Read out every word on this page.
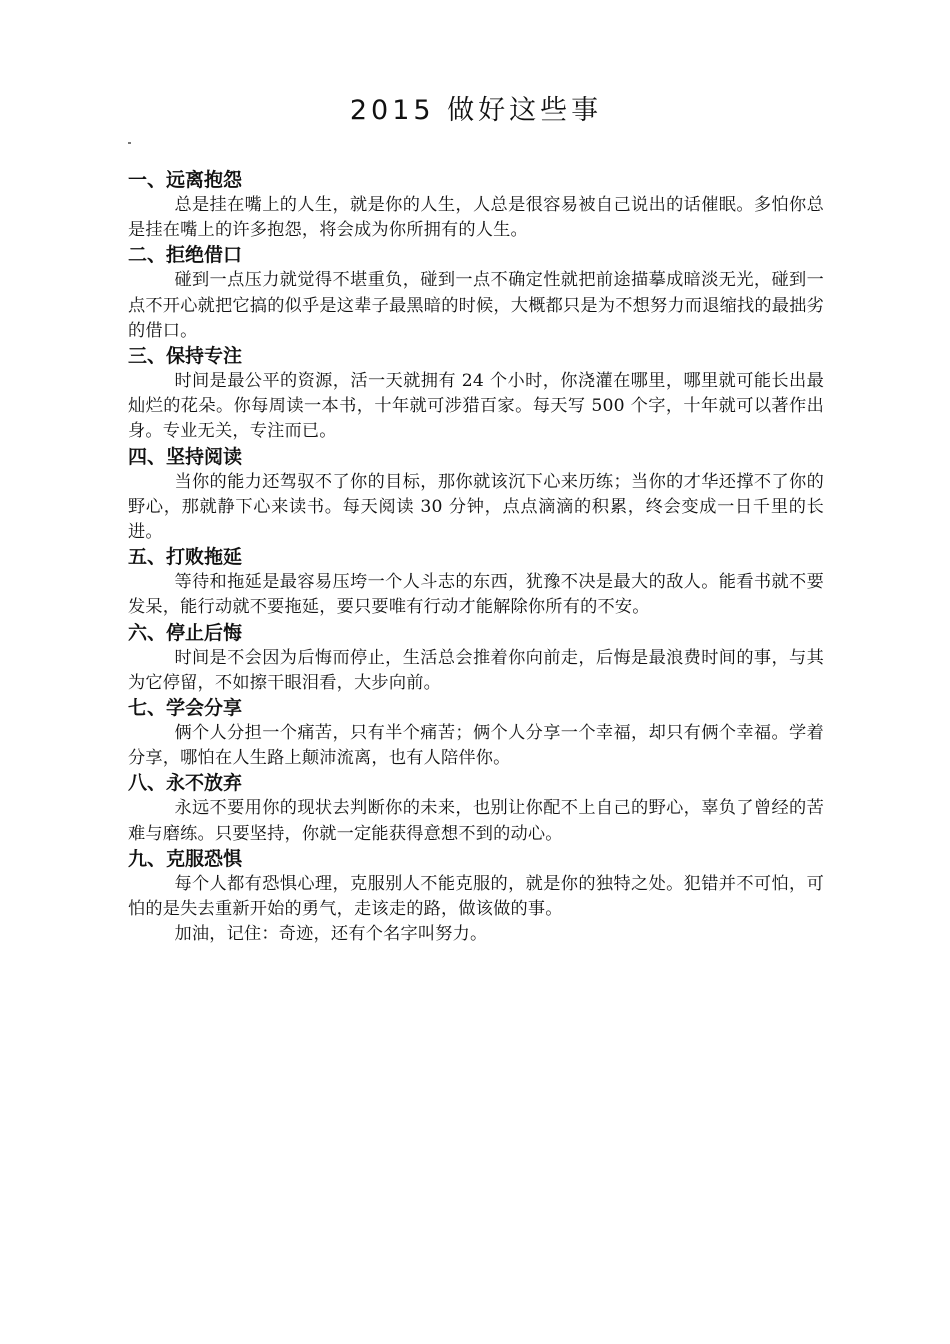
2015 做好这些事
一、远离抱怨

总是挂在嘴上的人生，就是你的人生，人总是很容易被自己说出的话催眠。多怕你总是挂在嘴上的许多抱怨，将会成为你所拥有的人生。

二、拒绝借口

碰到一点压力就觉得不堪重负，碰到一点不确定性就把前途描摹成暗淡无光，碰到一点不开心就把它搞的似乎是这辈子最黑暗的时候，大概都只是为不想努力而退缩找的最拙劣的借口。

三、保持专注

时间是最公平的资源，活一天就拥有 24 个小时，你浇灌在哪里，哪里就可能长出最灿烂的花朵。你每周读一本书，十年就可涉猎百家。每天写 500 个字，十年就可以著作出身。专业无关，专注而已。

四、坚持阅读

当你的能力还驾驭不了你的目标，那你就该沉下心来历练；当你的才华还撑不了你的野心，那就静下心来读书。每天阅读 30 分钟，点点滴滴的积累，终会变成一日千里的长进。

五、打败拖延

等待和拖延是最容易压垮一个人斗志的东西，犹豫不决是最大的敌人。能看书就不要发呆，能行动就不要拖延，要只要唯有行动才能解除你所有的不安。

六、停止后悔

时间是不会因为后悔而停止，生活总会推着你向前走，后悔是最浪费时间的事，与其为它停留，不如擦干眼泪看，大步向前。

七、学会分享

俩个人分担一个痛苦，只有半个痛苦；俩个人分享一个幸福，却只有俩个幸福。学着分享，哪怕在人生路上颠沛流离，也有人陪伴你。

八、永不放弃

永远不要用你的现状去判断你的未来，也别让你配不上自己的野心，辜负了曾经的苦难与磨练。只要坚持，你就一定能获得意想不到的动心。

九、克服恐惧

每个人都有恐惧心理，克服别人不能克服的，就是你的独特之处。犯错并不可怕，可怕的是失去重新开始的勇气，走该走的路，做该做的事。

加油，记住：奇迹，还有个名字叫努力。
